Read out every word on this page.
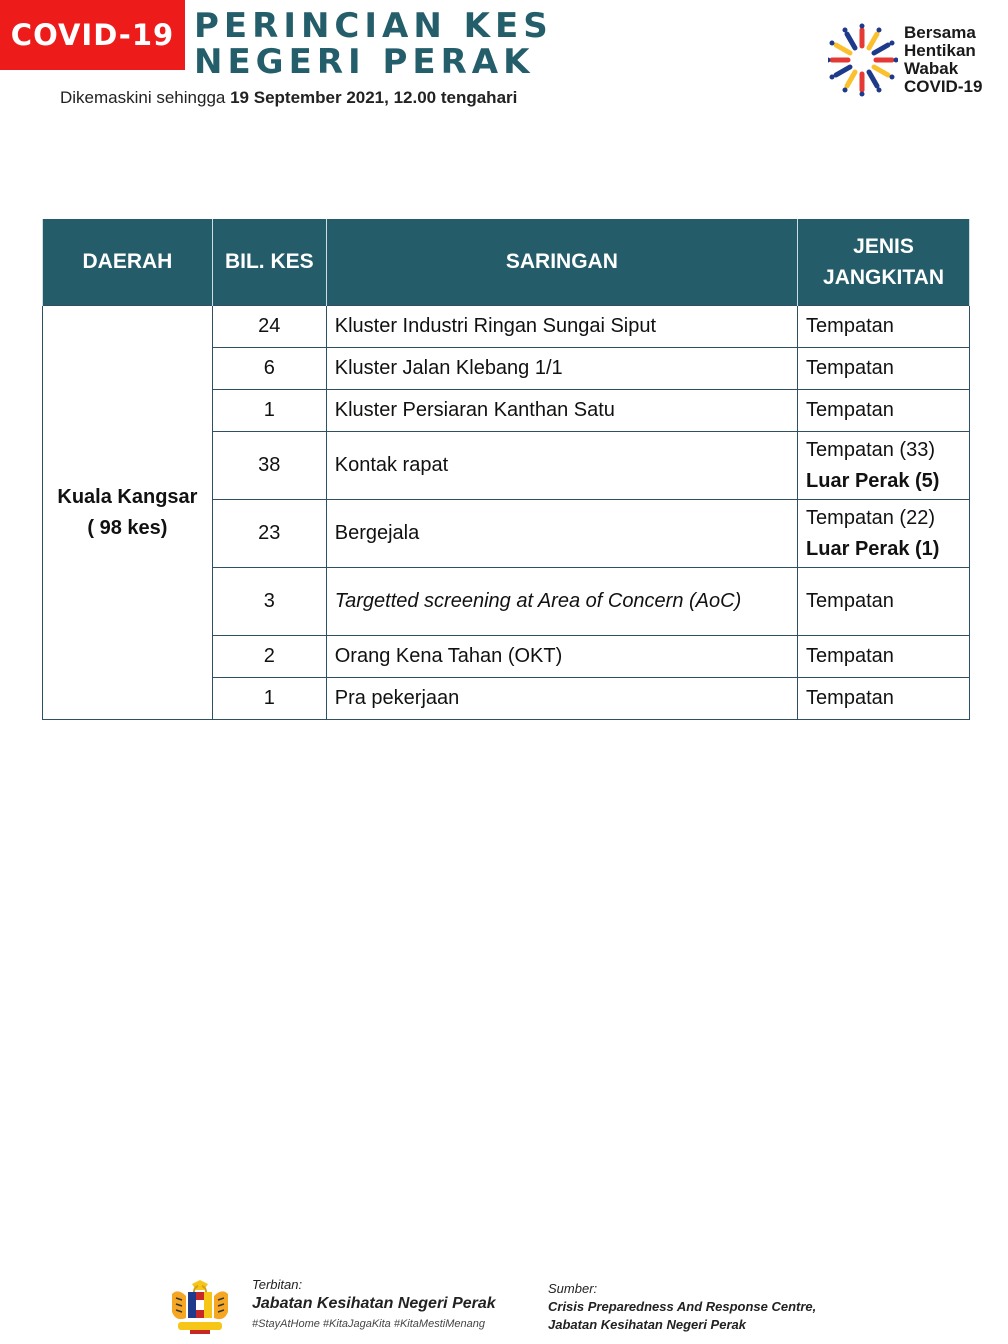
COVID-19 PERINCIAN KES
NEGERI PERAK
Dikemaskini sehingga 19 September 2021, 12.00 tengahari
Bersama
Hentikan
Wabak
COVID-19
DAERAH	BIL. KES	SARINGAN	JENIS
JANGKITAN

Kuala Kangsar
( 98 kes)	24	Kluster Industri Ringan Sungai Siput	Tempatan
	6	Kluster Jalan Klebang 1/1	Tempatan
	1	Kluster Persiaran Kanthan Satu	Tempatan
	38	Kontak rapat	Tempatan (33)
Luar Perak (5)

	23	Bergejala	Tempatan (22)
Luar Perak (1)

	3	Targetted screening at Area of Concern (AoC)	Tempatan
	2	Orang Kena Tahan (OKT)	Tempatan
	1	Pra pekerjaan	Tempatan
Terbitan:
Jabatan Kesihatan Negeri Perak
#StayAtHome #KitaJagaKita #KitaMestiMenang
Sumber:
Crisis Preparedness And Response Centre,
Jabatan Kesihatan Negeri Perak
